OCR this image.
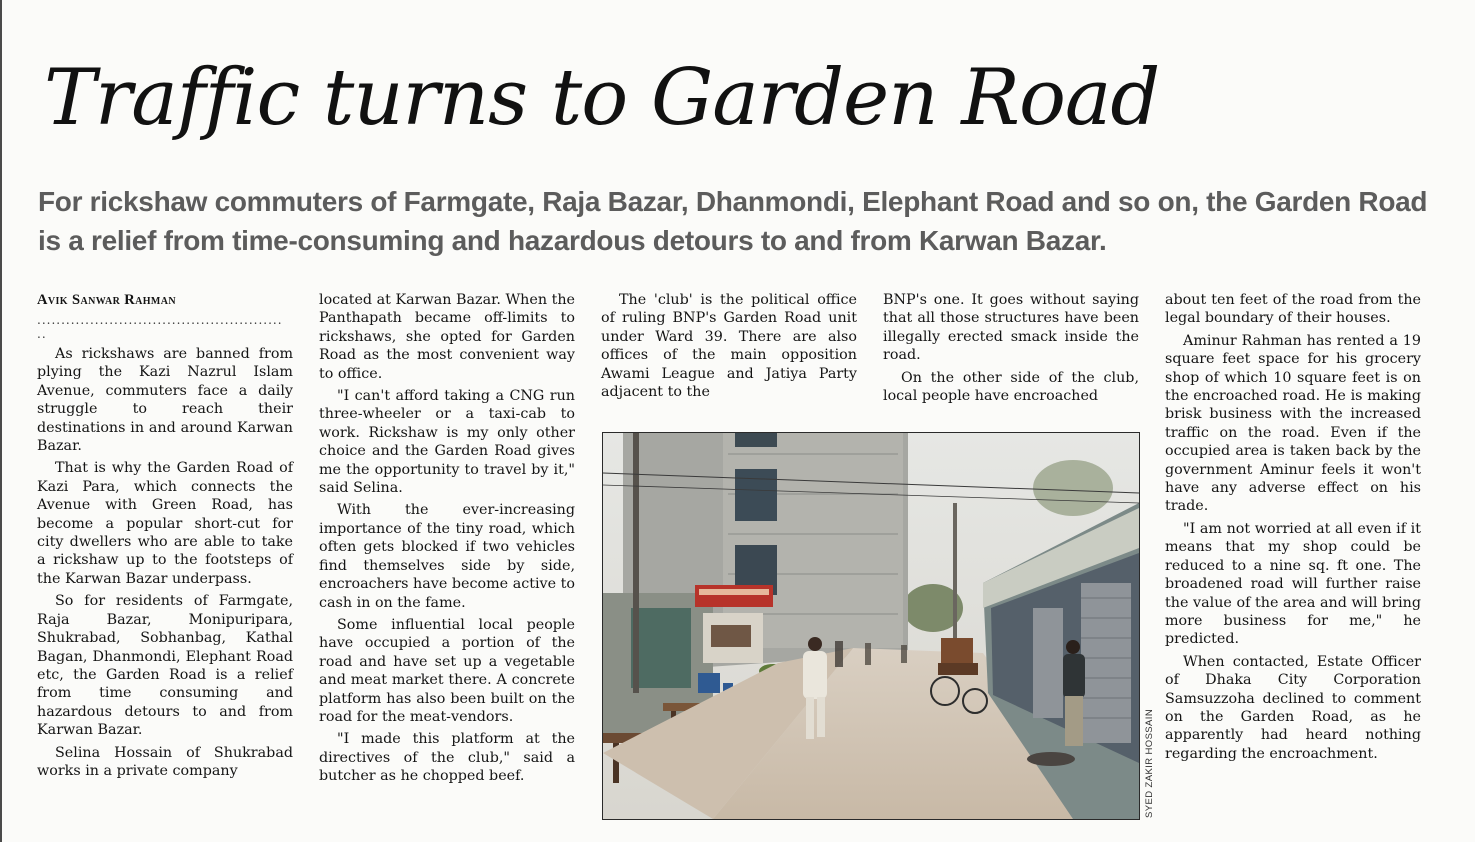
Traffic turns to Garden Road

For rickshaw commuters of Farmgate, Raja Bazar, Dhanmondi, Elephant Road and so on, the Garden Road is a relief from time-consuming and hazardous detours to and from Karwan Bazar.

Avik Sanwar Rahman
...................................................
..

As rickshaws are banned from plying the Kazi Nazrul Islam Avenue, commuters face a daily struggle to reach their destinations in and around Karwan Bazar.

That is why the Garden Road of Kazi Para, which connects the Avenue with Green Road, has become a popular short-cut for city dwellers who are able to take a rickshaw up to the footsteps of the Karwan Bazar underpass.

So for residents of Farmgate, Raja Bazar, Monipuripara, Shukrabad, Sobhanbag, Kathal Bagan, Dhanmondi, Elephant Road etc, the Garden Road is a relief from time consuming and hazardous detours to and from Karwan Bazar.

Selina Hossain of Shukrabad works in a private company

located at Karwan Bazar. When the Panthapath became off-limits to rickshaws, she opted for Garden Road as the most convenient way to office.

"I can't afford taking a CNG run three-wheeler or a taxi-cab to work. Rickshaw is my only other choice and the Garden Road gives me the opportunity to travel by it," said Selina.

With the ever-increasing importance of the tiny road, which often gets blocked if two vehicles find themselves side by side, encroachers have become active to cash in on the fame.

Some influential local people have occupied a portion of the road and have set up a vegetable and meat market there. A concrete platform has also been built on the road for the meat-vendors.

"I made this platform at the directives of the club," said a butcher as he chopped beef.

The 'club' is the political office of ruling BNP's Garden Road unit under Ward 39. There are also offices of the main opposition Awami League and Jatiya Party adjacent to the

BNP's one. It goes without saying that all those structures have been illegally erected smack inside the road.

On the other side of the club, local people have encroached

about ten feet of the road from the legal boundary of their houses.

Aminur Rahman has rented a 19 square feet space for his grocery shop of which 10 square feet is on the encroached road. He is making brisk business with the increased traffic on the road. Even if the occupied area is taken back by the government Aminur feels it won't have any adverse effect on his trade.

"I am not worried at all even if it means that my shop could be reduced to a nine sq. ft one. The broadened road will further raise the value of the area and will bring more business for me," he predicted.

When contacted, Estate Officer of Dhaka City Corporation Samsuzzoha declined to comment on the Garden Road, as he apparently had heard nothing regarding the encroachment.

SYED ZAKIR HOSSAIN
